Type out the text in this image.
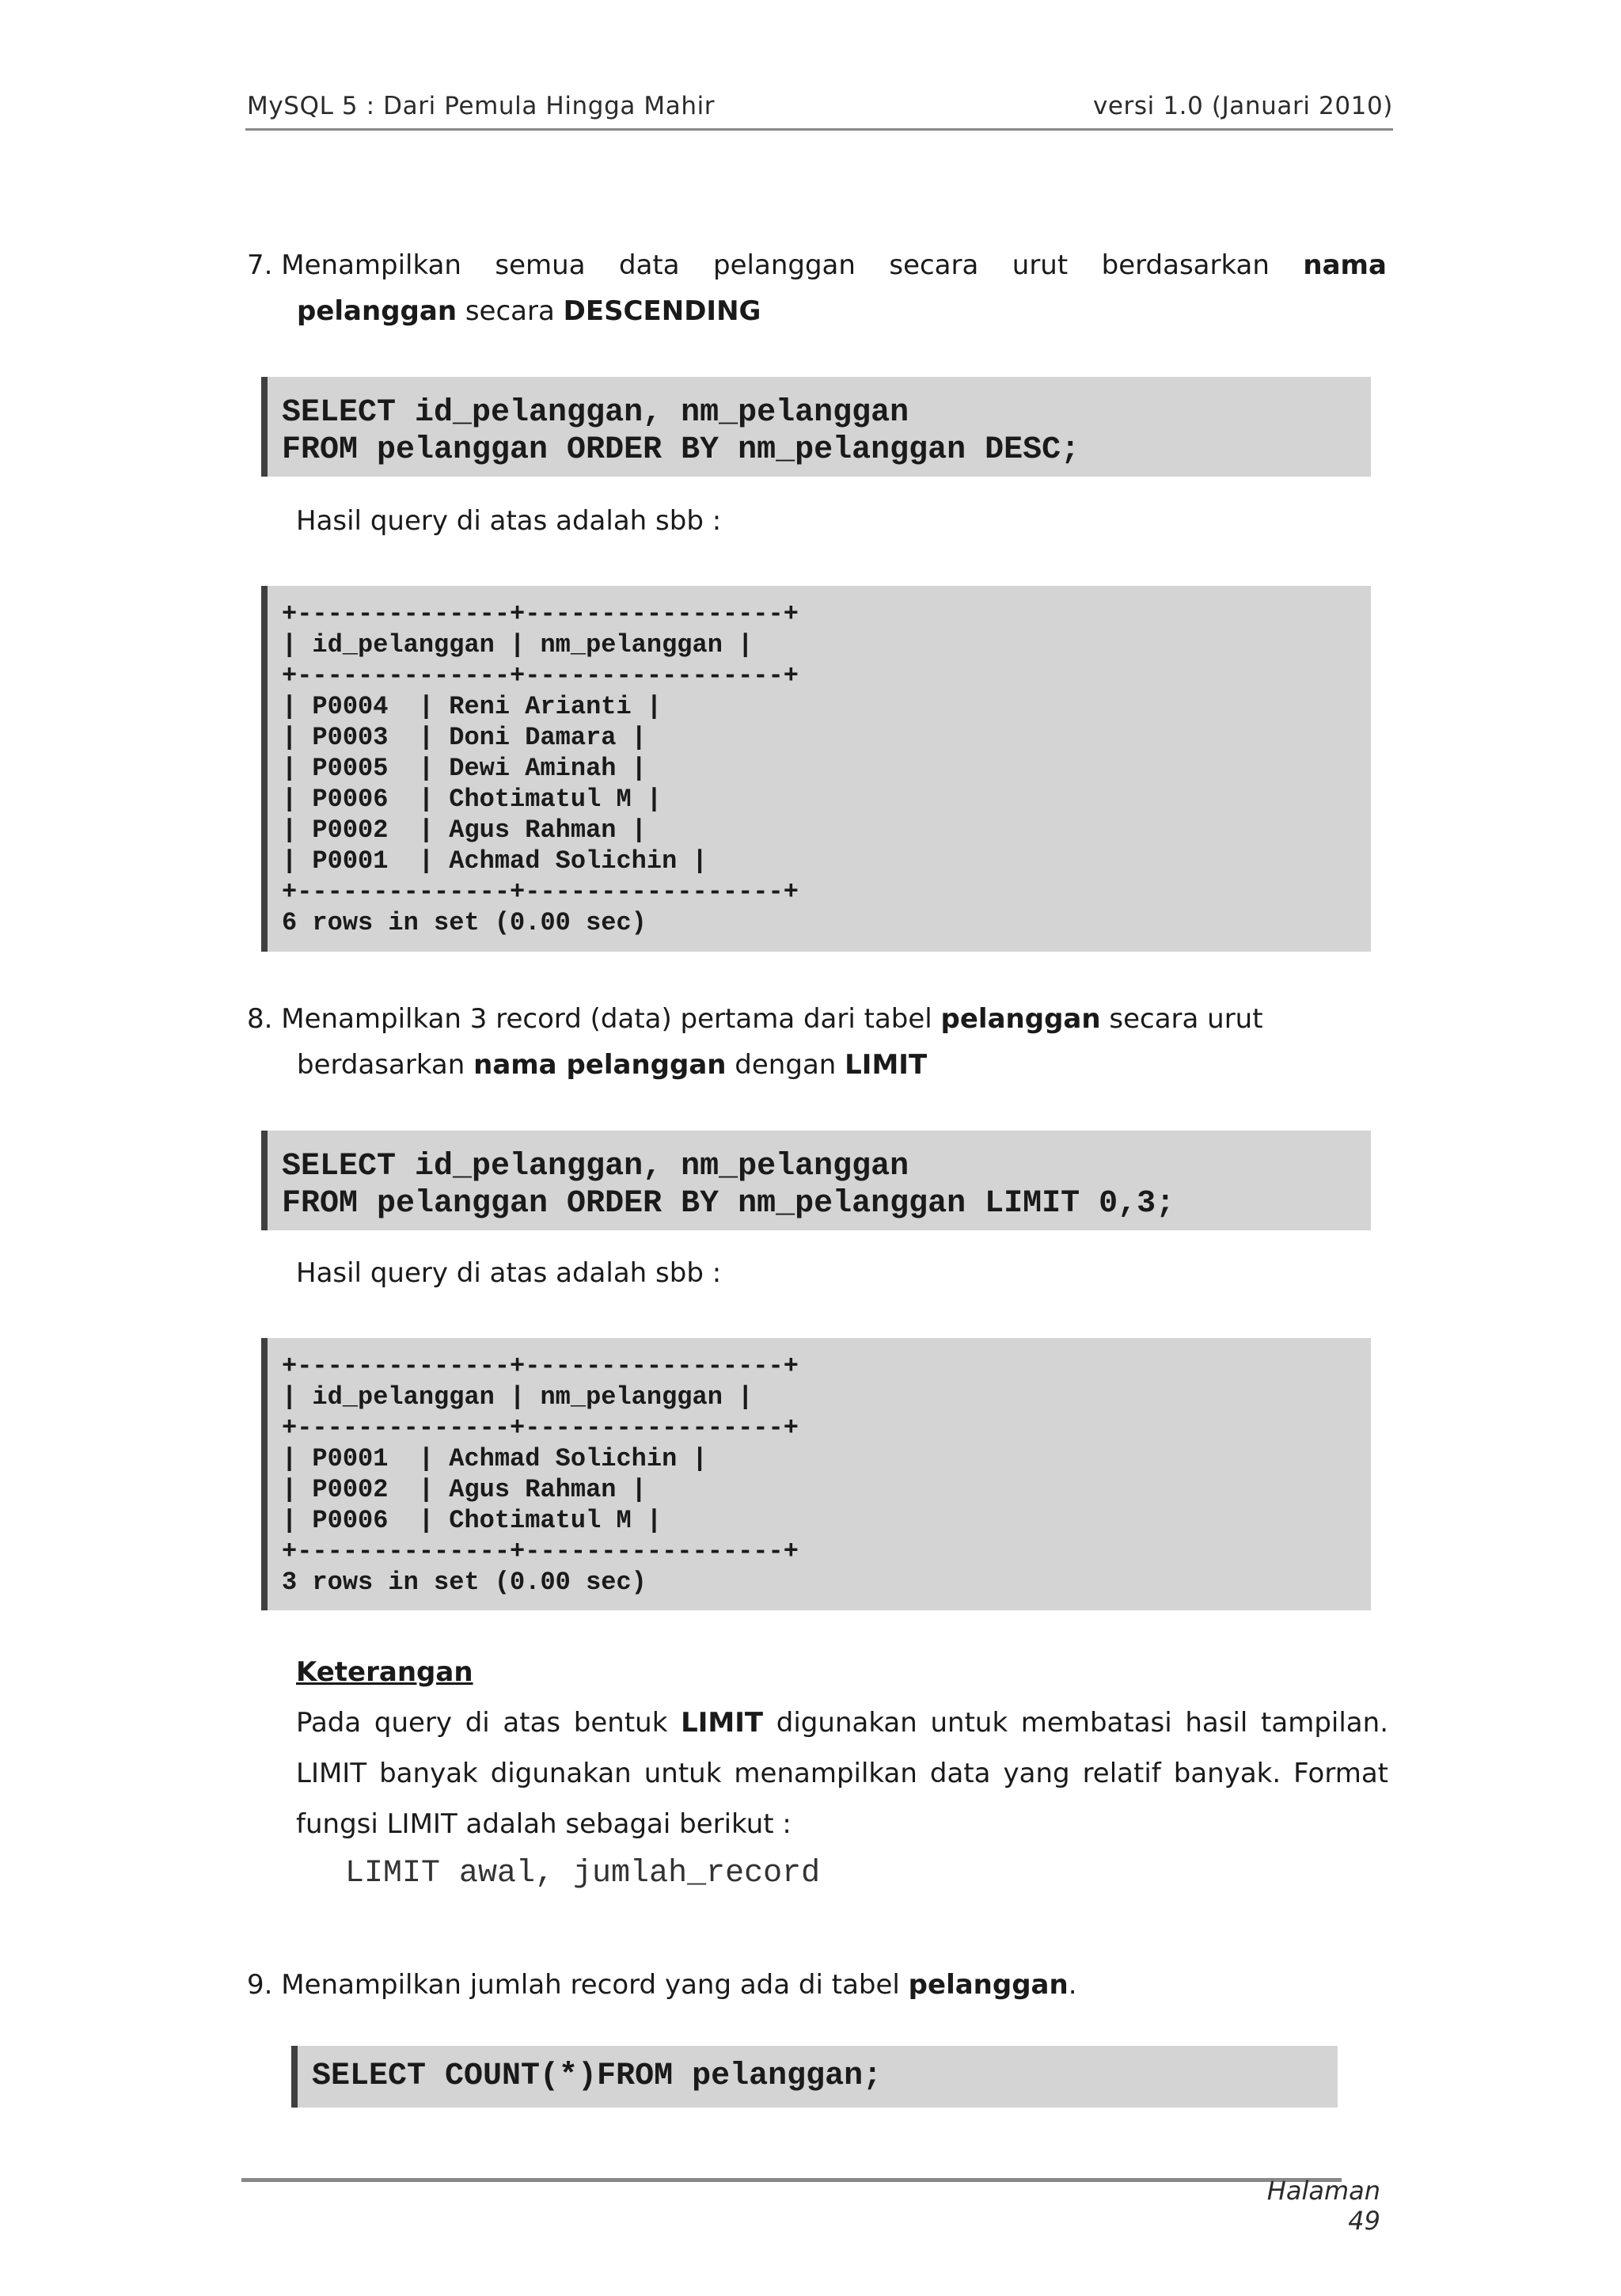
MySQL 5 : Dari Pemula Hingga Mahir	versi 1.0 (Januari 2010)
7. Menampilkan semua data pelanggan secara urut berdasarkan nama
pelanggan secara DESCENDING
SELECT id_pelanggan, nm_pelanggan
FROM pelanggan ORDER BY nm_pelanggan DESC;
Hasil query di atas adalah sbb :
+--------------+-----------------+
| id_pelanggan | nm_pelanggan |
+--------------+-----------------+
| P0004  | Reni Arianti |
| P0003  | Doni Damara |
| P0005  | Dewi Aminah |
| P0006  | Chotimatul M |
| P0002  | Agus Rahman |
| P0001  | Achmad Solichin |
+--------------+-----------------+
6 rows in set (0.00 sec)
8. Menampilkan 3 record (data) pertama dari tabel pelanggan secara urut
berdasarkan nama pelanggan dengan LIMIT
SELECT id_pelanggan, nm_pelanggan
FROM pelanggan ORDER BY nm_pelanggan LIMIT 0,3;
Hasil query di atas adalah sbb :
+--------------+-----------------+
| id_pelanggan | nm_pelanggan |
+--------------+-----------------+
| P0001  | Achmad Solichin |
| P0002  | Agus Rahman |
| P0006  | Chotimatul M |
+--------------+-----------------+
3 rows in set (0.00 sec)
Keterangan
Pada query di atas bentuk LIMIT digunakan untuk membatasi hasil tampilan. LIMIT banyak digunakan untuk menampilkan data yang relatif banyak. Format fungsi LIMIT adalah sebagai berikut :
LIMIT awal, jumlah_record
9. Menampilkan jumlah record yang ada di tabel pelanggan.
SELECT COUNT(*)FROM pelanggan;
Halaman 49
